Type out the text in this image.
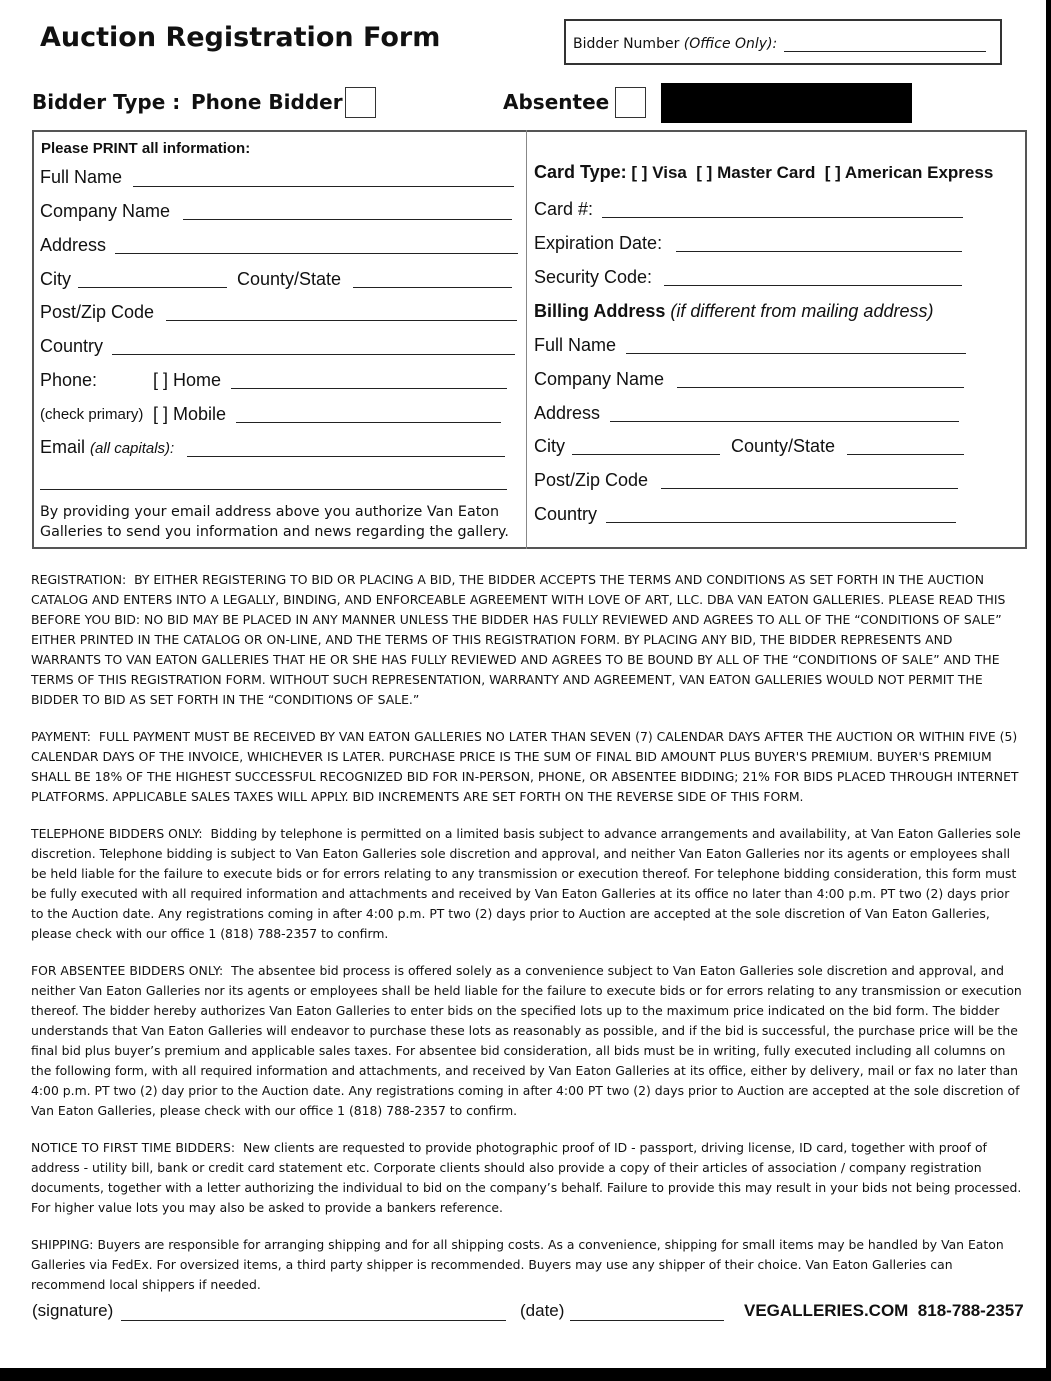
Auction Registration Form	Bidder Number (Office Only):
Bidder Type : Phone Bidder	Absentee
Please PRINT all information:
Full Name
Company Name
Address
City	County/State
Post/Zip Code
Country
Phone:	[ ] Home
(check primary) [ ] Mobile
Email (all capitals):
By providing your email address above you authorize Van Eaton Galleries to send you information and news regarding the gallery.
Card Type: [ ] Visa  [ ] Master Card  [ ] American Express
Card #:
Expiration Date:
Security Code:
Billing Address (if different from mailing address)
Full Name
Company Name
Address
City	County/State
Post/Zip Code
Country

REGISTRATION: BY EITHER REGISTERING TO BID OR PLACING A BID, THE BIDDER ACCEPTS THE TERMS AND CONDITIONS AS SET FORTH IN THE AUCTION CATALOG AND ENTERS INTO A LEGALLY, BINDING, AND ENFORCEABLE AGREEMENT WITH LOVE OF ART, LLC. DBA VAN EATON GALLERIES. PLEASE READ THIS BEFORE YOU BID: NO BID MAY BE PLACED IN ANY MANNER UNLESS THE BIDDER HAS FULLY REVIEWED AND AGREES TO ALL OF THE “CONDITIONS OF SALE” EITHER PRINTED IN THE CATALOG OR ON-LINE, AND THE TERMS OF THIS REGISTRATION FORM. BY PLACING ANY BID, THE BIDDER REPRESENTS AND WARRANTS TO VAN EATON GALLERIES THAT HE OR SHE HAS FULLY REVIEWED AND AGREES TO BE BOUND BY ALL OF THE “CONDITIONS OF SALE” AND THE TERMS OF THIS REGISTRATION FORM. WITHOUT SUCH REPRESENTATION, WARRANTY AND AGREEMENT, VAN EATON GALLERIES WOULD NOT PERMIT THE BIDDER TO BID AS SET FORTH IN THE “CONDITIONS OF SALE.”

PAYMENT: FULL PAYMENT MUST BE RECEIVED BY VAN EATON GALLERIES NO LATER THAN SEVEN (7) CALENDAR DAYS AFTER THE AUCTION OR WITHIN FIVE (5) CALENDAR DAYS OF THE INVOICE, WHICHEVER IS LATER. PURCHASE PRICE IS THE SUM OF FINAL BID AMOUNT PLUS BUYER'S PREMIUM. BUYER'S PREMIUM SHALL BE 18% OF THE HIGHEST SUCCESSFUL RECOGNIZED BID FOR IN-PERSON, PHONE, OR ABSENTEE BIDDING; 21% FOR BIDS PLACED THROUGH INTERNET PLATFORMS. APPLICABLE SALES TAXES WILL APPLY. BID INCREMENTS ARE SET FORTH ON THE REVERSE SIDE OF THIS FORM.

TELEPHONE BIDDERS ONLY: Bidding by telephone is permitted on a limited basis subject to advance arrangements and availability, at Van Eaton Galleries sole discretion. Telephone bidding is subject to Van Eaton Galleries sole discretion and approval, and neither Van Eaton Galleries nor its agents or employees shall be held liable for the failure to execute bids or for errors relating to any transmission or execution thereof. For telephone bidding consideration, this form must be fully executed with all required information and attachments and received by Van Eaton Galleries at its office no later than 4:00 p.m. PT two (2) days prior to the Auction date. Any registrations coming in after 4:00 p.m. PT two (2) days prior to Auction are accepted at the sole discretion of Van Eaton Galleries, please check with our office 1 (818) 788-2357 to confirm.

FOR ABSENTEE BIDDERS ONLY: The absentee bid process is offered solely as a convenience subject to Van Eaton Galleries sole discretion and approval, and neither Van Eaton Galleries nor its agents or employees shall be held liable for the failure to execute bids or for errors relating to any transmission or execution thereof. The bidder hereby authorizes Van Eaton Galleries to enter bids on the specified lots up to the maximum price indicated on the bid form. The bidder understands that Van Eaton Galleries will endeavor to purchase these lots as reasonably as possible, and if the bid is successful, the purchase price will be the final bid plus buyer’s premium and applicable sales taxes. For absentee bid consideration, all bids must be in writing, fully executed including all columns on the following form, with all required information and attachments, and received by Van Eaton Galleries at its office, either by delivery, mail or fax no later than 4:00 p.m. PT two (2) day prior to the Auction date. Any registrations coming in after 4:00 PT two (2) days prior to Auction are accepted at the sole discretion of Van Eaton Galleries, please check with our office 1 (818) 788-2357 to confirm.

NOTICE TO FIRST TIME BIDDERS: New clients are requested to provide photographic proof of ID - passport, driving license, ID card, together with proof of address - utility bill, bank or credit card statement etc. Corporate clients should also provide a copy of their articles of association / company registration documents, together with a letter authorizing the individual to bid on the company’s behalf. Failure to provide this may result in your bids not being processed. For higher value lots you may also be asked to provide a bankers reference.

SHIPPING: Buyers are responsible for arranging shipping and for all shipping costs. As a convenience, shipping for small items may be handled by Van Eaton Galleries via FedEx. For oversized items, a third party shipper is recommended. Buyers may use any shipper of their choice. Van Eaton Galleries can recommend local shippers if needed.

(signature)	(date)	VEGALLERIES.COM  818-788-2357
